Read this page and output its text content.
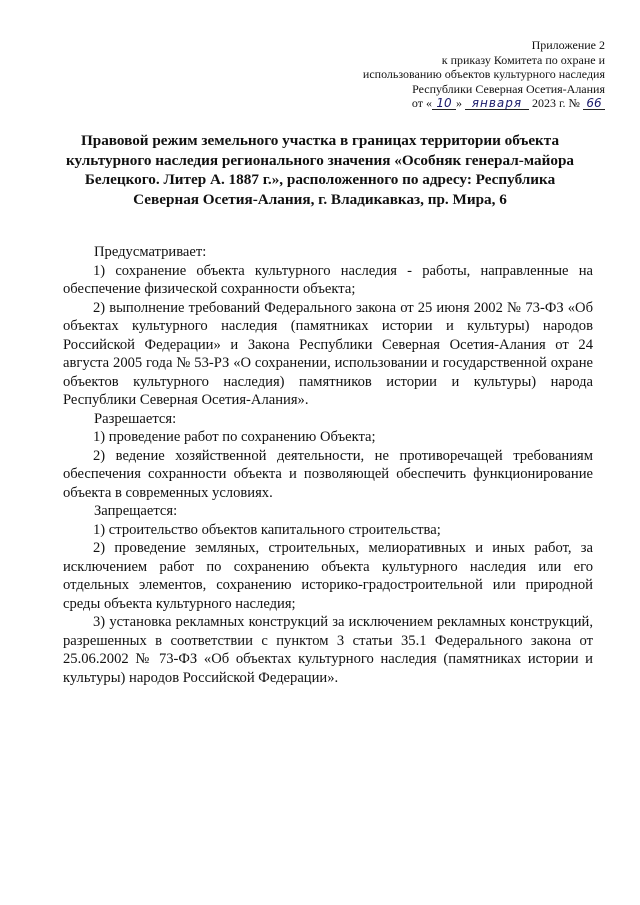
Приложение 2
к приказу Комитета по охране и
использованию объектов культурного наследия
Республики Северная Осетия-Алания
от « 10 » января 2023 г. № 66
Правовой режим земельного участка в границах территории объекта культурного наследия регионального значения «Особняк генерал-майора Белецкого. Литер А. 1887 г.», расположенного по адресу: Республика Северная Осетия-Алания, г. Владикавказ, пр. Мира, 6

Предусматривает:

1) сохранение объекта культурного наследия - работы, направленные на обеспечение физической сохранности объекта;

2) выполнение требований Федерального закона от 25 июня 2002 № 73-ФЗ «Об объектах культурного наследия (памятниках истории и культуры) народов Российской Федерации» и Закона Республики Северная Осетия-Алания от 24 августа 2005 года № 53-РЗ «О сохранении, использовании и государственной охране объектов культурного наследия) памятников истории и культуры) народа Республики Северная Осетия-Алания».

Разрешается:

1) проведение работ по сохранению Объекта;

2) ведение хозяйственной деятельности, не противоречащей требованиям обеспечения сохранности объекта и позволяющей обеспечить функционирование объекта в современных условиях.

Запрещается:

1) строительство объектов капитального строительства;

2) проведение земляных, строительных, мелиоративных и иных работ, за исключением работ по сохранению объекта культурного наследия или его отдельных элементов, сохранению историко-градостроительной или природной среды объекта культурного наследия;

3) установка рекламных конструкций за исключением рекламных конструкций, разрешенных в соответствии с пунктом 3 статьи 35.1 Федерального закона от 25.06.2002 № 73-ФЗ «Об объектах культурного наследия (памятниках истории и культуры) народов Российской Федерации».
